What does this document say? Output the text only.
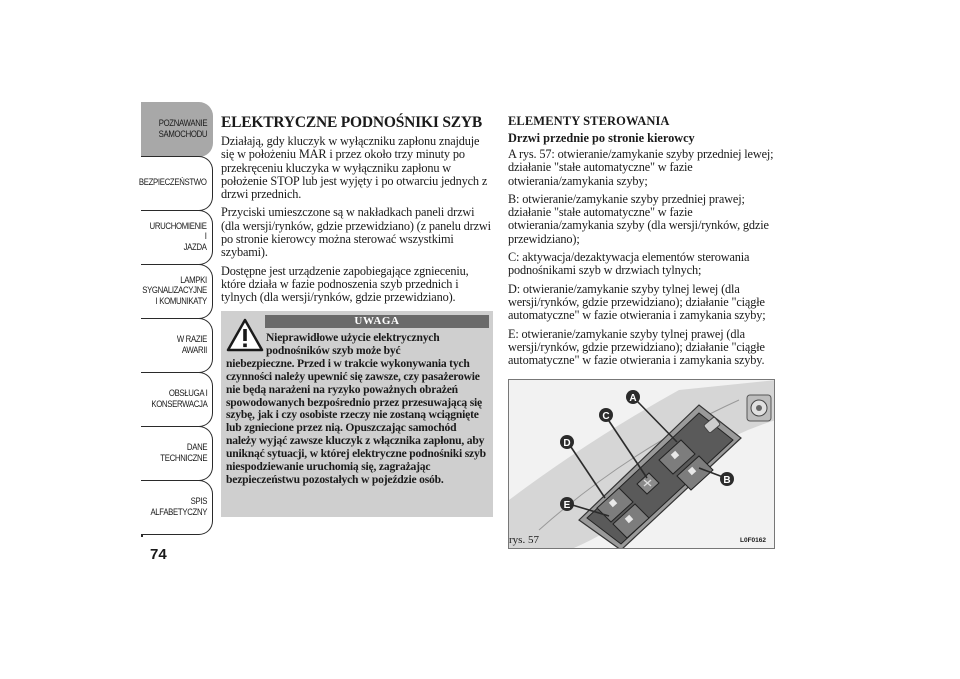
POZNAWANIE
SAMOCHODU
BEZPIECZEŃSTWO
URUCHOMIENIE I
JAZDA
LAMPKI
SYGNALIZACYJNE
I KOMUNIKATY
W RAZIE AWARII
OBSŁUGA I
KONSERWACJA
DANE
TECHNICZNE
SPIS
ALFABETYCZNY
74
ELEKTRYCZNE PODNOŚNIKI SZYB

Działają, gdy kluczyk w wyłączniku zapłonu znajduje się w położeniu MAR i przez około trzy minuty po przekręceniu kluczyka w wyłączniku zapłonu w położenie STOP lub jest wyjęty i po otwarciu jednych z drzwi przednich.

Przyciski umieszczone są w nakładkach paneli drzwi (dla wersji/rynków, gdzie przewidziano) (z panelu drzwi po stronie kierowcy można sterować wszystkimi szybami).

Dostępne jest urządzenie zapobiegające zgnieceniu, które działa w fazie podnoszenia szyb przednich i tylnych (dla wersji/rynków, gdzie przewidziano).

UWAGA
Nieprawidłowe użycie elektrycznych podnośników szyb może być
niebezpieczne. Przed i w trakcie wykonywania tych czynności należy upewnić się zawsze, czy pasażerowie nie będą narażeni na ryzyko poważnych obrażeń spowodowanych bezpośrednio przez przesuwającą się szybę, jak i czy osobiste rzeczy nie zostaną wciągnięte lub zgniecione przez nią. Opuszczając samochód należy wyjąć zawsze kluczyk z włącznika zapłonu, aby uniknąć sytuacji, w której elektryczne podnośniki szyb niespodziewanie uruchomią się, zagrażając bezpieczeństwu pozostałych w pojeździe osób.
ELEMENTY STEROWANIA
Drzwi przednie po stronie kierowcy

A rys. 57: otwieranie/zamykanie szyby przedniej lewej; działanie "stałe automatyczne" w fazie otwierania/zamykania szyby;

B: otwieranie/zamykanie szyby przedniej prawej; działanie "stałe automatyczne" w fazie otwierania/zamykania szyby (dla wersji/rynków, gdzie przewidziano);

C: aktywacja/dezaktywacja elementów sterowania podnośnikami szyb w drzwiach tylnych;

D: otwieranie/zamykanie szyby tylnej lewej (dla wersji/rynków, gdzie przewidziano); działanie "ciągłe automatyczne" w fazie otwierania i zamykania szyby;

E: otwieranie/zamykanie szyby tylnej prawej (dla wersji/rynków, gdzie przewidziano); działanie "ciągłe automatyczne" w fazie otwierania i zamykania szyby.

A
B
C
D
E
rys. 57	L0F0162
